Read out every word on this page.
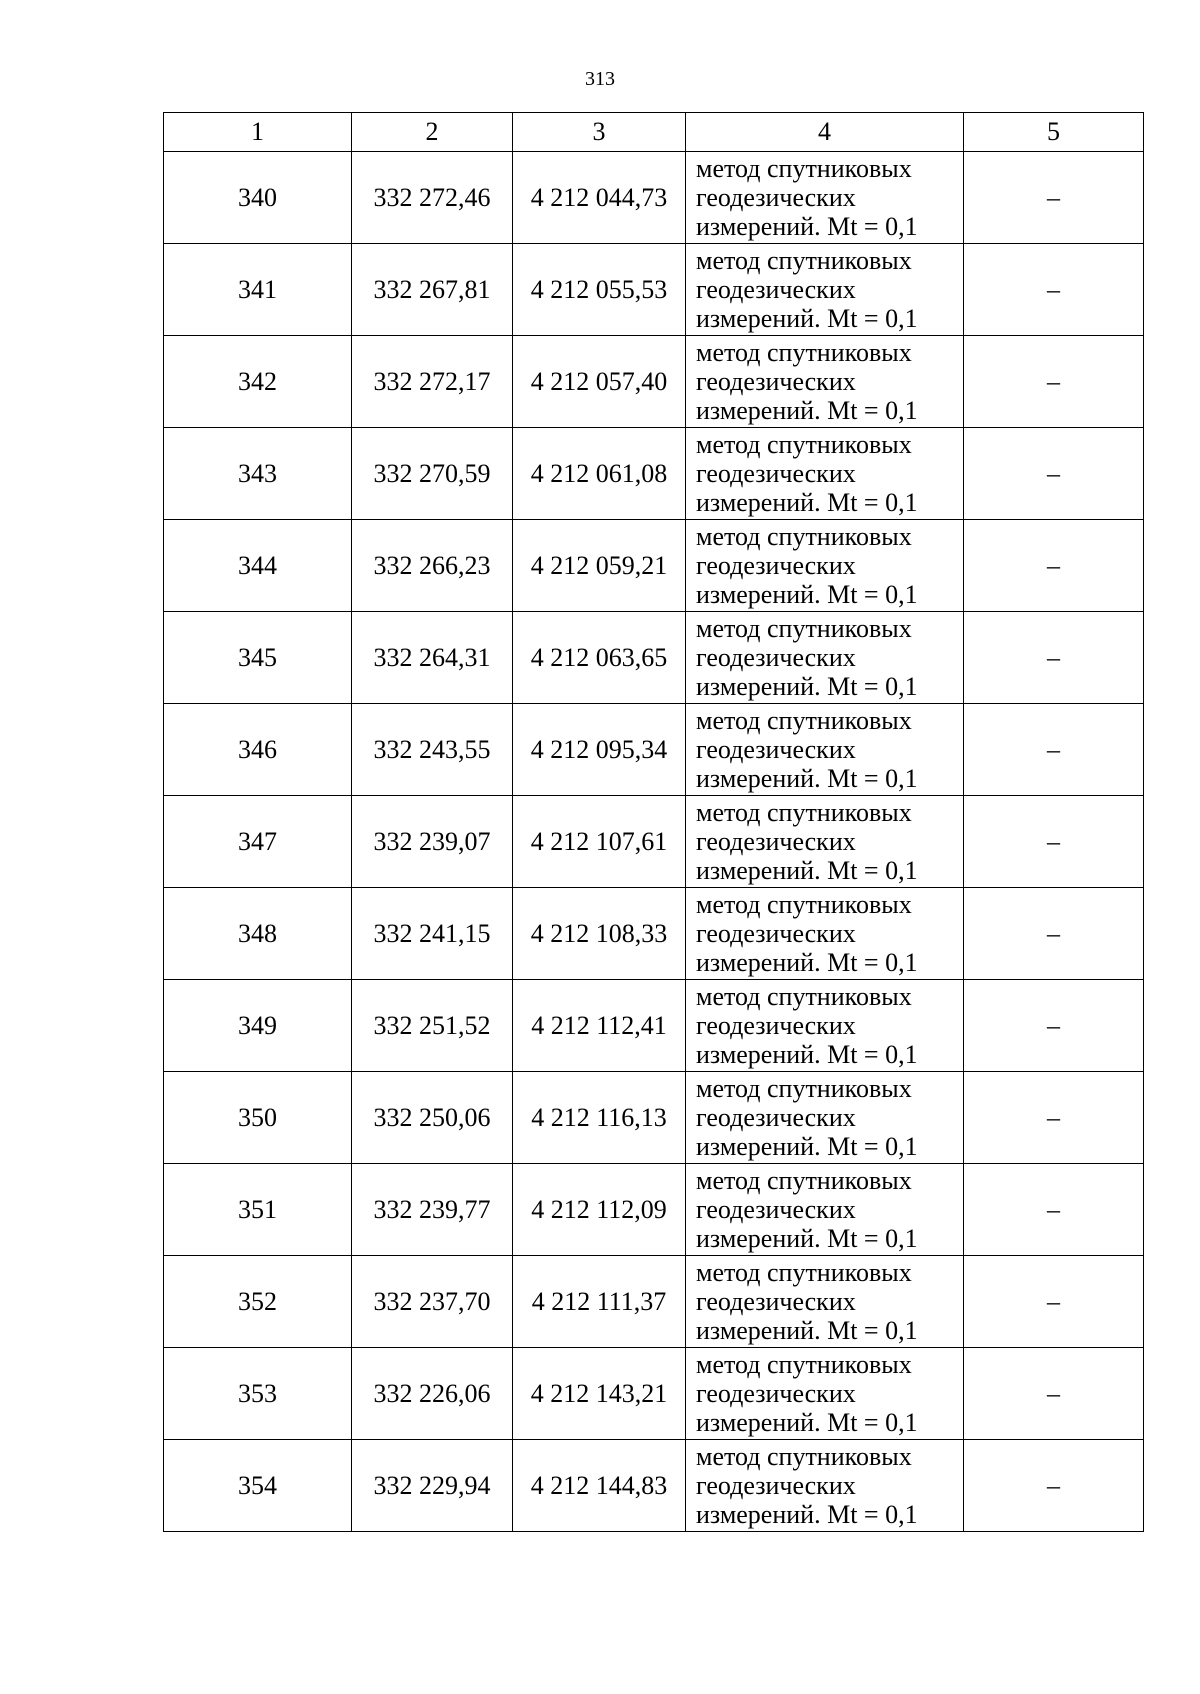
313
1	2	3	4	5
340	332 272,46	4 212 044,73	метод спутниковых геодезических измерений. Mt = 0,1	–
341	332 267,81	4 212 055,53	метод спутниковых геодезических измерений. Mt = 0,1	–
342	332 272,17	4 212 057,40	метод спутниковых геодезических измерений. Mt = 0,1	–
343	332 270,59	4 212 061,08	метод спутниковых геодезических измерений. Mt = 0,1	–
344	332 266,23	4 212 059,21	метод спутниковых геодезических измерений. Mt = 0,1	–
345	332 264,31	4 212 063,65	метод спутниковых геодезических измерений. Mt = 0,1	–
346	332 243,55	4 212 095,34	метод спутниковых геодезических измерений. Mt = 0,1	–
347	332 239,07	4 212 107,61	метод спутниковых геодезических измерений. Mt = 0,1	–
348	332 241,15	4 212 108,33	метод спутниковых геодезических измерений. Mt = 0,1	–
349	332 251,52	4 212 112,41	метод спутниковых геодезических измерений. Mt = 0,1	–
350	332 250,06	4 212 116,13	метод спутниковых геодезических измерений. Mt = 0,1	–
351	332 239,77	4 212 112,09	метод спутниковых геодезических измерений. Mt = 0,1	–
352	332 237,70	4 212 111,37	метод спутниковых геодезических измерений. Mt = 0,1	–
353	332 226,06	4 212 143,21	метод спутниковых геодезических измерений. Mt = 0,1	–
354	332 229,94	4 212 144,83	метод спутниковых геодезических измерений. Mt = 0,1	–
